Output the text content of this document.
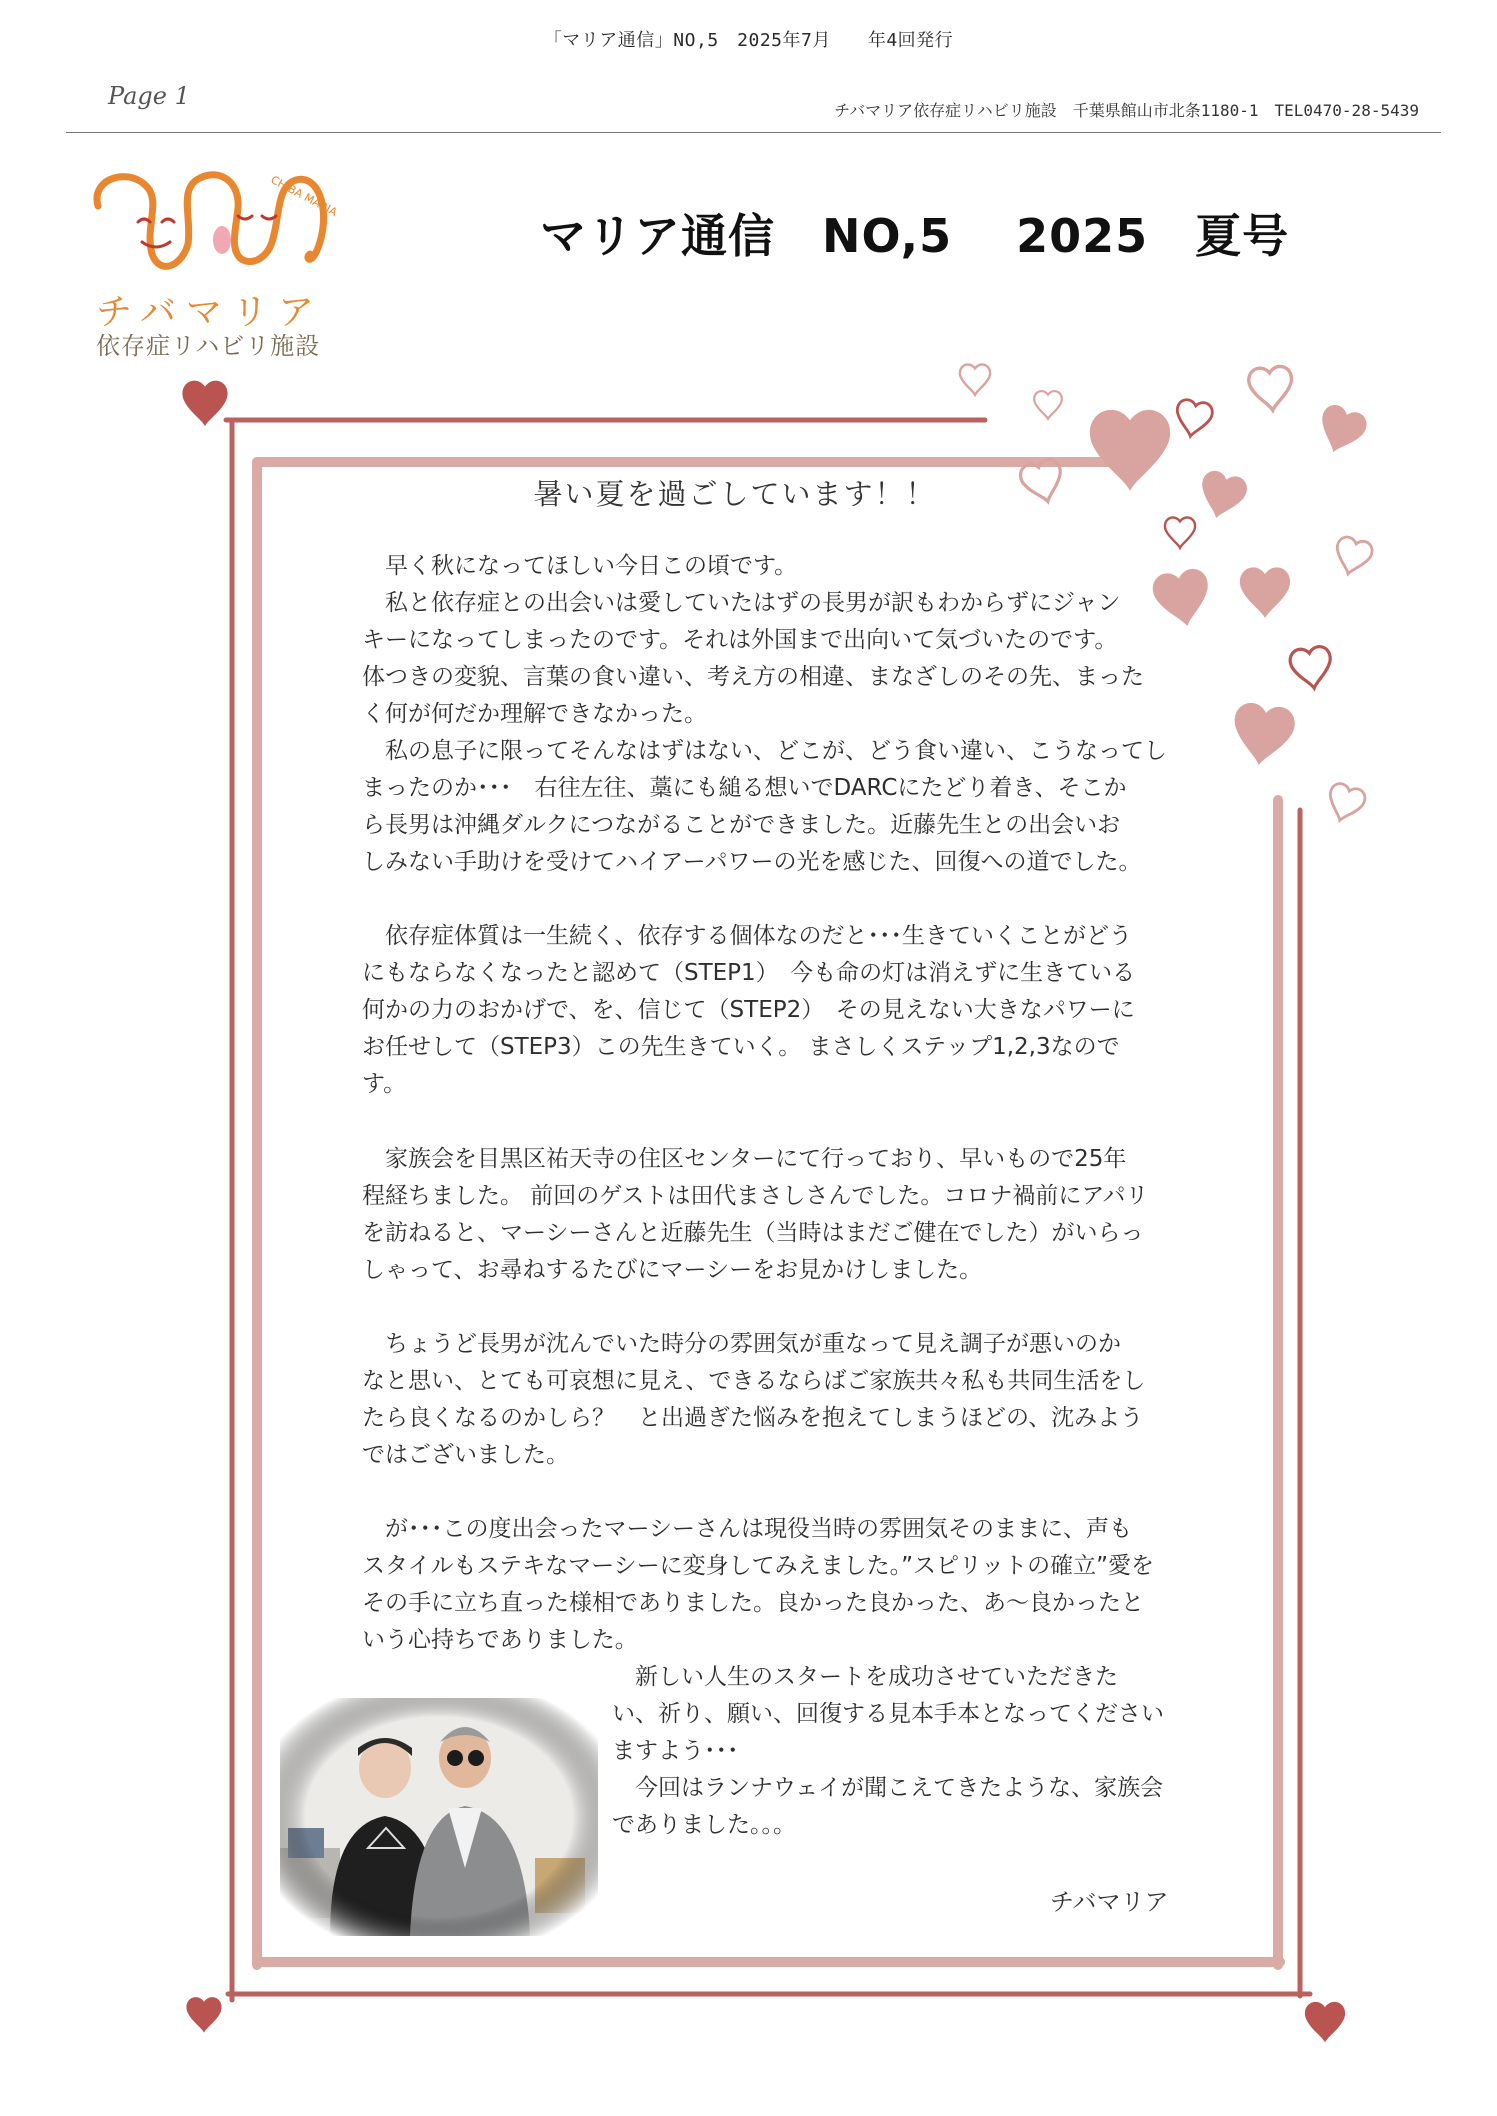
「マリア通信」NO,5　2025年7月　　年4回発行
Page 1
チバマリア依存症リハビリ施設　千葉県館山市北条1180-1　TEL0470-28-5439
CHIBA MARIA
チバマリア
依存症リハビリ施設
マリア通信　NO,5　 2025　夏号
暑い夏を過ごしています！！
　早く秋になってほしい今日この頃です。
　私と依存症との出会いは愛していたはずの長男が訳もわからずにジャン
キーになってしまったのです。それは外国まで出向いて気づいたのです。
体つきの変貌、言葉の食い違い、考え方の相違、まなざしのその先、まった
く何が何だか理解できなかった。
　私の息子に限ってそんなはずはない、どこが、どう食い違い、こうなってし
まったのか･･･　右往左往、藁にも縋る想いでDARCにたどり着き、そこか
ら長男は沖縄ダルクにつながることができました。近藤先生との出会いお
しみない手助けを受けてハイアーパワーの光を感じた、回復への道でした。
　依存症体質は一生続く、依存する個体なのだと･･･生きていくことがどう
にもならなくなったと認めて（STEP1）　今も命の灯は消えずに生きている
何かの力のおかげで、を、信じて（STEP2）　その見えない大きなパワーに
お任せして（STEP3）この先生きていく。 まさしくステップ1,2,3なので
す。
　家族会を目黒区祐天寺の住区センターにて行っており、早いもので25年
程経ちました。 前回のゲストは田代まさしさんでした。コロナ禍前にアパリ
を訪ねると、マーシーさんと近藤先生（当時はまだご健在でした）がいらっ
しゃって、お尋ねするたびにマーシーをお見かけしました。
　ちょうど長男が沈んでいた時分の雰囲気が重なって見え調子が悪いのか
なと思い、とても可哀想に見え、できるならばご家族共々私も共同生活をし
たら良くなるのかしら？　と出過ぎた悩みを抱えてしまうほどの、沈みよう
ではございました。
　が･･･この度出会ったマーシーさんは現役当時の雰囲気そのままに、声も
スタイルもステキなマーシーに変身してみえました。”スピリットの確立”愛を
その手に立ち直った様相でありました。良かった良かった、あ～良かったと
いう心持ちでありました。
　新しい人生のスタートを成功させていただきた
い、祈り、願い、回復する見本手本となってください
ますよう･･･
　今回はランナウェイが聞こえてきたような、家族会
でありました。。。
チバマリア
